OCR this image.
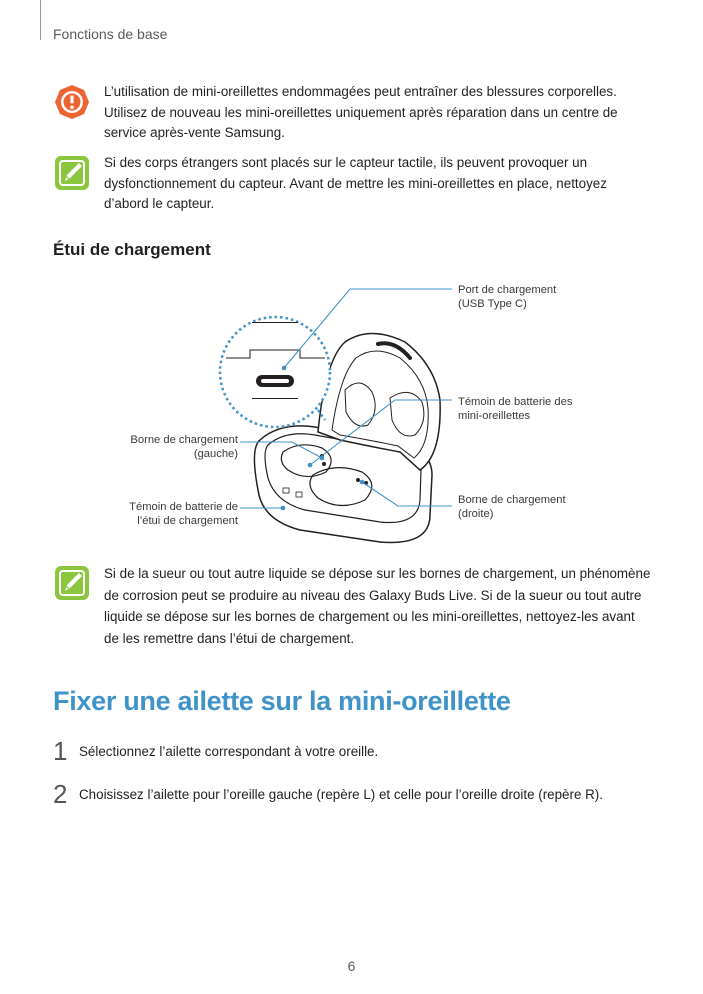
Fonctions de base
L’utilisation de mini-oreillettes endommagées peut entraîner des blessures corporelles. Utilisez de nouveau les mini-oreillettes uniquement après réparation dans un centre de service après-vente Samsung.
Si des corps étrangers sont placés sur le capteur tactile, ils peuvent provoquer un dysfonctionnement du capteur. Avant de mettre les mini-oreillettes en place, nettoyez d’abord le capteur.
Étui de chargement
Port de chargement
(USB Type C)
Témoin de batterie des
mini-oreillettes
Borne de chargement
(gauche)
Témoin de batterie de
l’étui de chargement
Borne de chargement
(droite)
Si de la sueur ou tout autre liquide se dépose sur les bornes de chargement, un phénomène de corrosion peut se produire au niveau des Galaxy Buds Live. Si de la sueur ou tout autre liquide se dépose sur les bornes de chargement ou les mini-oreillettes, nettoyez-les avant de les remettre dans l’étui de chargement.
Fixer une ailette sur la mini-oreillette
1 Sélectionnez l’ailette correspondant à votre oreille.
2 Choisissez l’ailette pour l’oreille gauche (repère L) et celle pour l’oreille droite (repère R).
6
